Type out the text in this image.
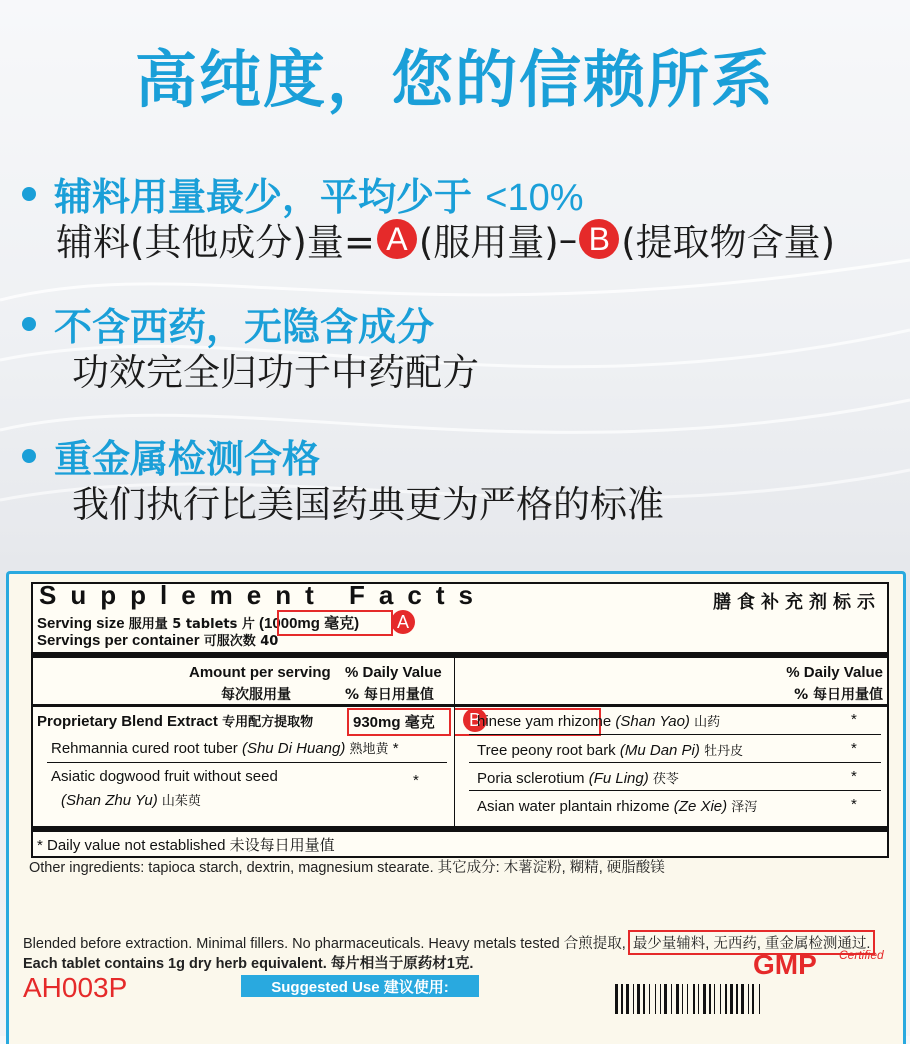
高纯度，您的信赖所系
辅料用量最少，平均少于 <10%
辅料(其他成分)量= A (服用量) – B (提取物含量)
不含西药，无隐含成分
功效完全归功于中药配方
重金属检测合格
我们执行比美国药典更为严格的标准
Supplement Facts	膳食补充剂标示
Serving size 服用量 5 tablets 片 (1000mg 毫克)
Servings per container 可服次数 40
A
Amount per serving
每次服用量
% Daily Value
% 每日用量值
% Daily Value
% 每日用量值
Proprietary Blend Extract 专用配方提取物	930mg 毫克	B
Rehmannia cured root tuber (Shu Di Huang) 熟地黄 *
Asiatic dogwood fruit without seed	*
(Shan Zhu Yu) 山茱萸
hinese yam rhizome (Shan Yao) 山药	*
Tree peony root bark (Mu Dan Pi) 牡丹皮	*
Poria sclerotium (Fu Ling) 茯苓	*
Asian water plantain rhizome (Ze Xie) 泽泻	*
* Daily value not established 未设每日用量值
Other ingredients: tapioca starch, dextrin, magnesium stearate. 其它成分: 木薯淀粉, 糊精, 硬脂酸镁
Blended before extraction. Minimal fillers. No pharmaceuticals. Heavy metals tested 合煎提取, 最少量辅料, 无西药, 重金属检测通过.
Each tablet contains 1g dry herb equivalent. 每片相当于原药材1克.
AH003P	Suggested Use 建议使用:
GMP Certified
